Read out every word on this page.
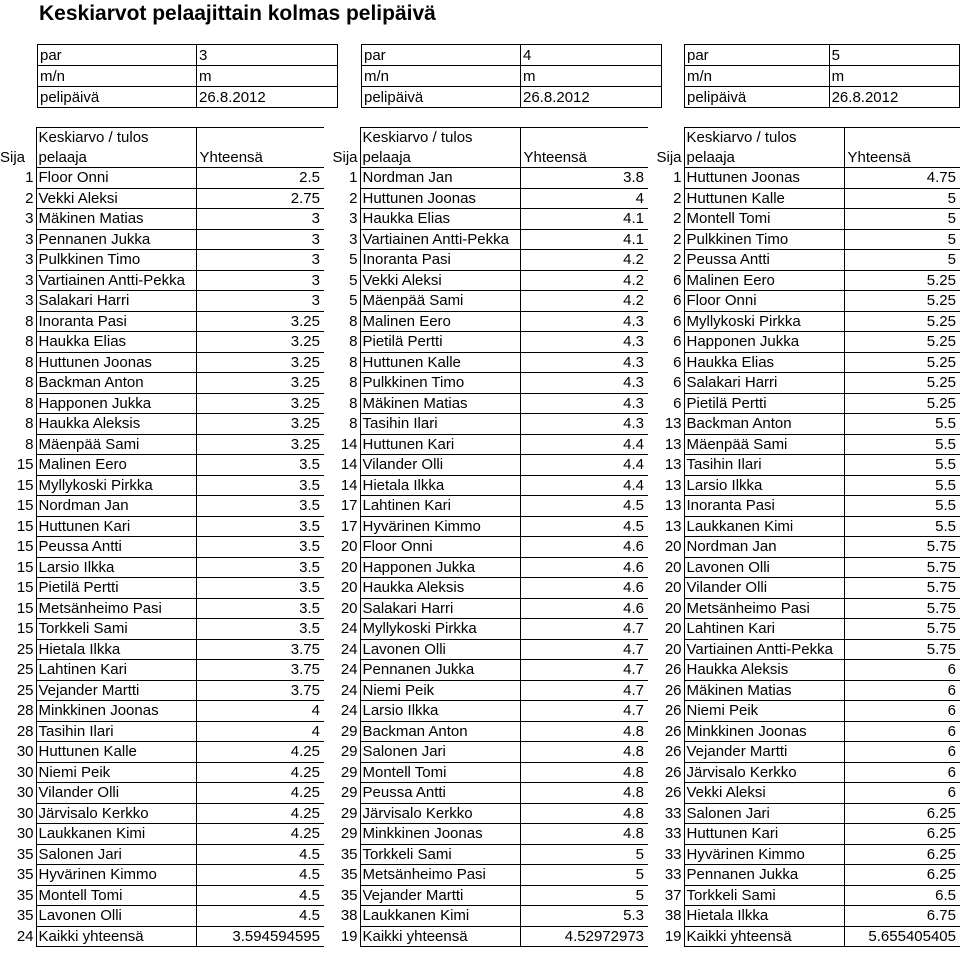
Keskiarvot pelaajittain kolmas pelipäivä
par	3
m/n	m
pelipäivä	26.8.2012
par	4
m/n	m
pelipäivä	26.8.2012
par	5
m/n	m
pelipäivä	26.8.2012
	Keskiarvo / tulos			Keskiarvo / tulos			Keskiarvo / tulos	
Sija	pelaaja	Yhteensä	Sija	pelaaja	Yhteensä	Sija	pelaaja	Yhteensä
1	Floor Onni	2.5	1	Nordman Jan	3.8	1	Huttunen Joonas	4.75
2	Vekki Aleksi	2.75	2	Huttunen Joonas	4	2	Huttunen Kalle	5
3	Mäkinen Matias	3	3	Haukka Elias	4.1	2	Montell Tomi	5
3	Pennanen Jukka	3	3	Vartiainen Antti-Pekka	4.1	2	Pulkkinen Timo	5
3	Pulkkinen Timo	3	5	Inoranta Pasi	4.2	2	Peussa Antti	5
3	Vartiainen Antti-Pekka	3	5	Vekki Aleksi	4.2	6	Malinen Eero	5.25
3	Salakari Harri	3	5	Mäenpää Sami	4.2	6	Floor Onni	5.25
8	Inoranta Pasi	3.25	8	Malinen Eero	4.3	6	Myllykoski Pirkka	5.25
8	Haukka Elias	3.25	8	Pietilä Pertti	4.3	6	Happonen Jukka	5.25
8	Huttunen Joonas	3.25	8	Huttunen Kalle	4.3	6	Haukka Elias	5.25
8	Backman Anton	3.25	8	Pulkkinen Timo	4.3	6	Salakari Harri	5.25
8	Happonen Jukka	3.25	8	Mäkinen Matias	4.3	6	Pietilä Pertti	5.25
8	Haukka Aleksis	3.25	8	Tasihin Ilari	4.3	13	Backman Anton	5.5
8	Mäenpää Sami	3.25	14	Huttunen Kari	4.4	13	Mäenpää Sami	5.5
15	Malinen Eero	3.5	14	Vilander Olli	4.4	13	Tasihin Ilari	5.5
15	Myllykoski Pirkka	3.5	14	Hietala Ilkka	4.4	13	Larsio Ilkka	5.5
15	Nordman Jan	3.5	17	Lahtinen Kari	4.5	13	Inoranta Pasi	5.5
15	Huttunen Kari	3.5	17	Hyvärinen Kimmo	4.5	13	Laukkanen Kimi	5.5
15	Peussa Antti	3.5	20	Floor Onni	4.6	20	Nordman Jan	5.75
15	Larsio Ilkka	3.5	20	Happonen Jukka	4.6	20	Lavonen Olli	5.75
15	Pietilä Pertti	3.5	20	Haukka Aleksis	4.6	20	Vilander Olli	5.75
15	Metsänheimo Pasi	3.5	20	Salakari Harri	4.6	20	Metsänheimo Pasi	5.75
15	Torkkeli Sami	3.5	24	Myllykoski Pirkka	4.7	20	Lahtinen Kari	5.75
25	Hietala Ilkka	3.75	24	Lavonen Olli	4.7	20	Vartiainen Antti-Pekka	5.75
25	Lahtinen Kari	3.75	24	Pennanen Jukka	4.7	26	Haukka Aleksis	6
25	Vejander Martti	3.75	24	Niemi Peik	4.7	26	Mäkinen Matias	6
28	Minkkinen Joonas	4	24	Larsio Ilkka	4.7	26	Niemi Peik	6
28	Tasihin Ilari	4	29	Backman Anton	4.8	26	Minkkinen Joonas	6
30	Huttunen Kalle	4.25	29	Salonen Jari	4.8	26	Vejander Martti	6
30	Niemi Peik	4.25	29	Montell Tomi	4.8	26	Järvisalo Kerkko	6
30	Vilander Olli	4.25	29	Peussa Antti	4.8	26	Vekki Aleksi	6
30	Järvisalo Kerkko	4.25	29	Järvisalo Kerkko	4.8	33	Salonen Jari	6.25
30	Laukkanen Kimi	4.25	29	Minkkinen Joonas	4.8	33	Huttunen Kari	6.25
35	Salonen Jari	4.5	35	Torkkeli Sami	5	33	Hyvärinen Kimmo	6.25
35	Hyvärinen Kimmo	4.5	35	Metsänheimo Pasi	5	33	Pennanen Jukka	6.25
35	Montell Tomi	4.5	35	Vejander Martti	5	37	Torkkeli Sami	6.5
35	Lavonen Olli	4.5	38	Laukkanen Kimi	5.3	38	Hietala Ilkka	6.75
24	Kaikki yhteensä	3.594594595	19	Kaikki yhteensä	4.52972973	19	Kaikki yhteensä	5.655405405
